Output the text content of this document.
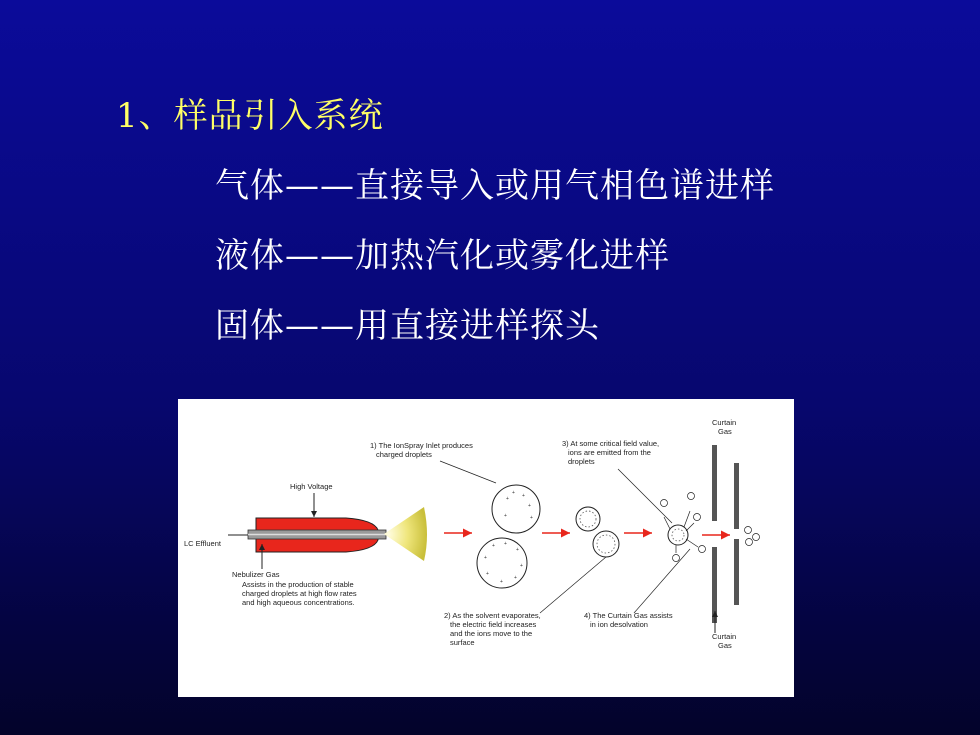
1、样品引入系统
气体——直接导入或用气相色谱进样
液体——加热汽化或雾化进样
固体——用直接进样探头
High Voltage
LC Effluent
Nebulizer Gas
Assists in the production of stable
charged droplets at high flow rates
and high aqueous concentrations.
1) The IonSpray Inlet produces
charged droplets
+ +
+
+
+
+
+ +
+
+
+
+
+
+
2) As the solvent evaporates,
the electric field increases
and the ions move to the
surface
3) At some critical field value,
ions are emitted from the
droplets
Curtain
Gas
4) The Curtain Gas assists
in ion desolvation
Curtain
Gas
